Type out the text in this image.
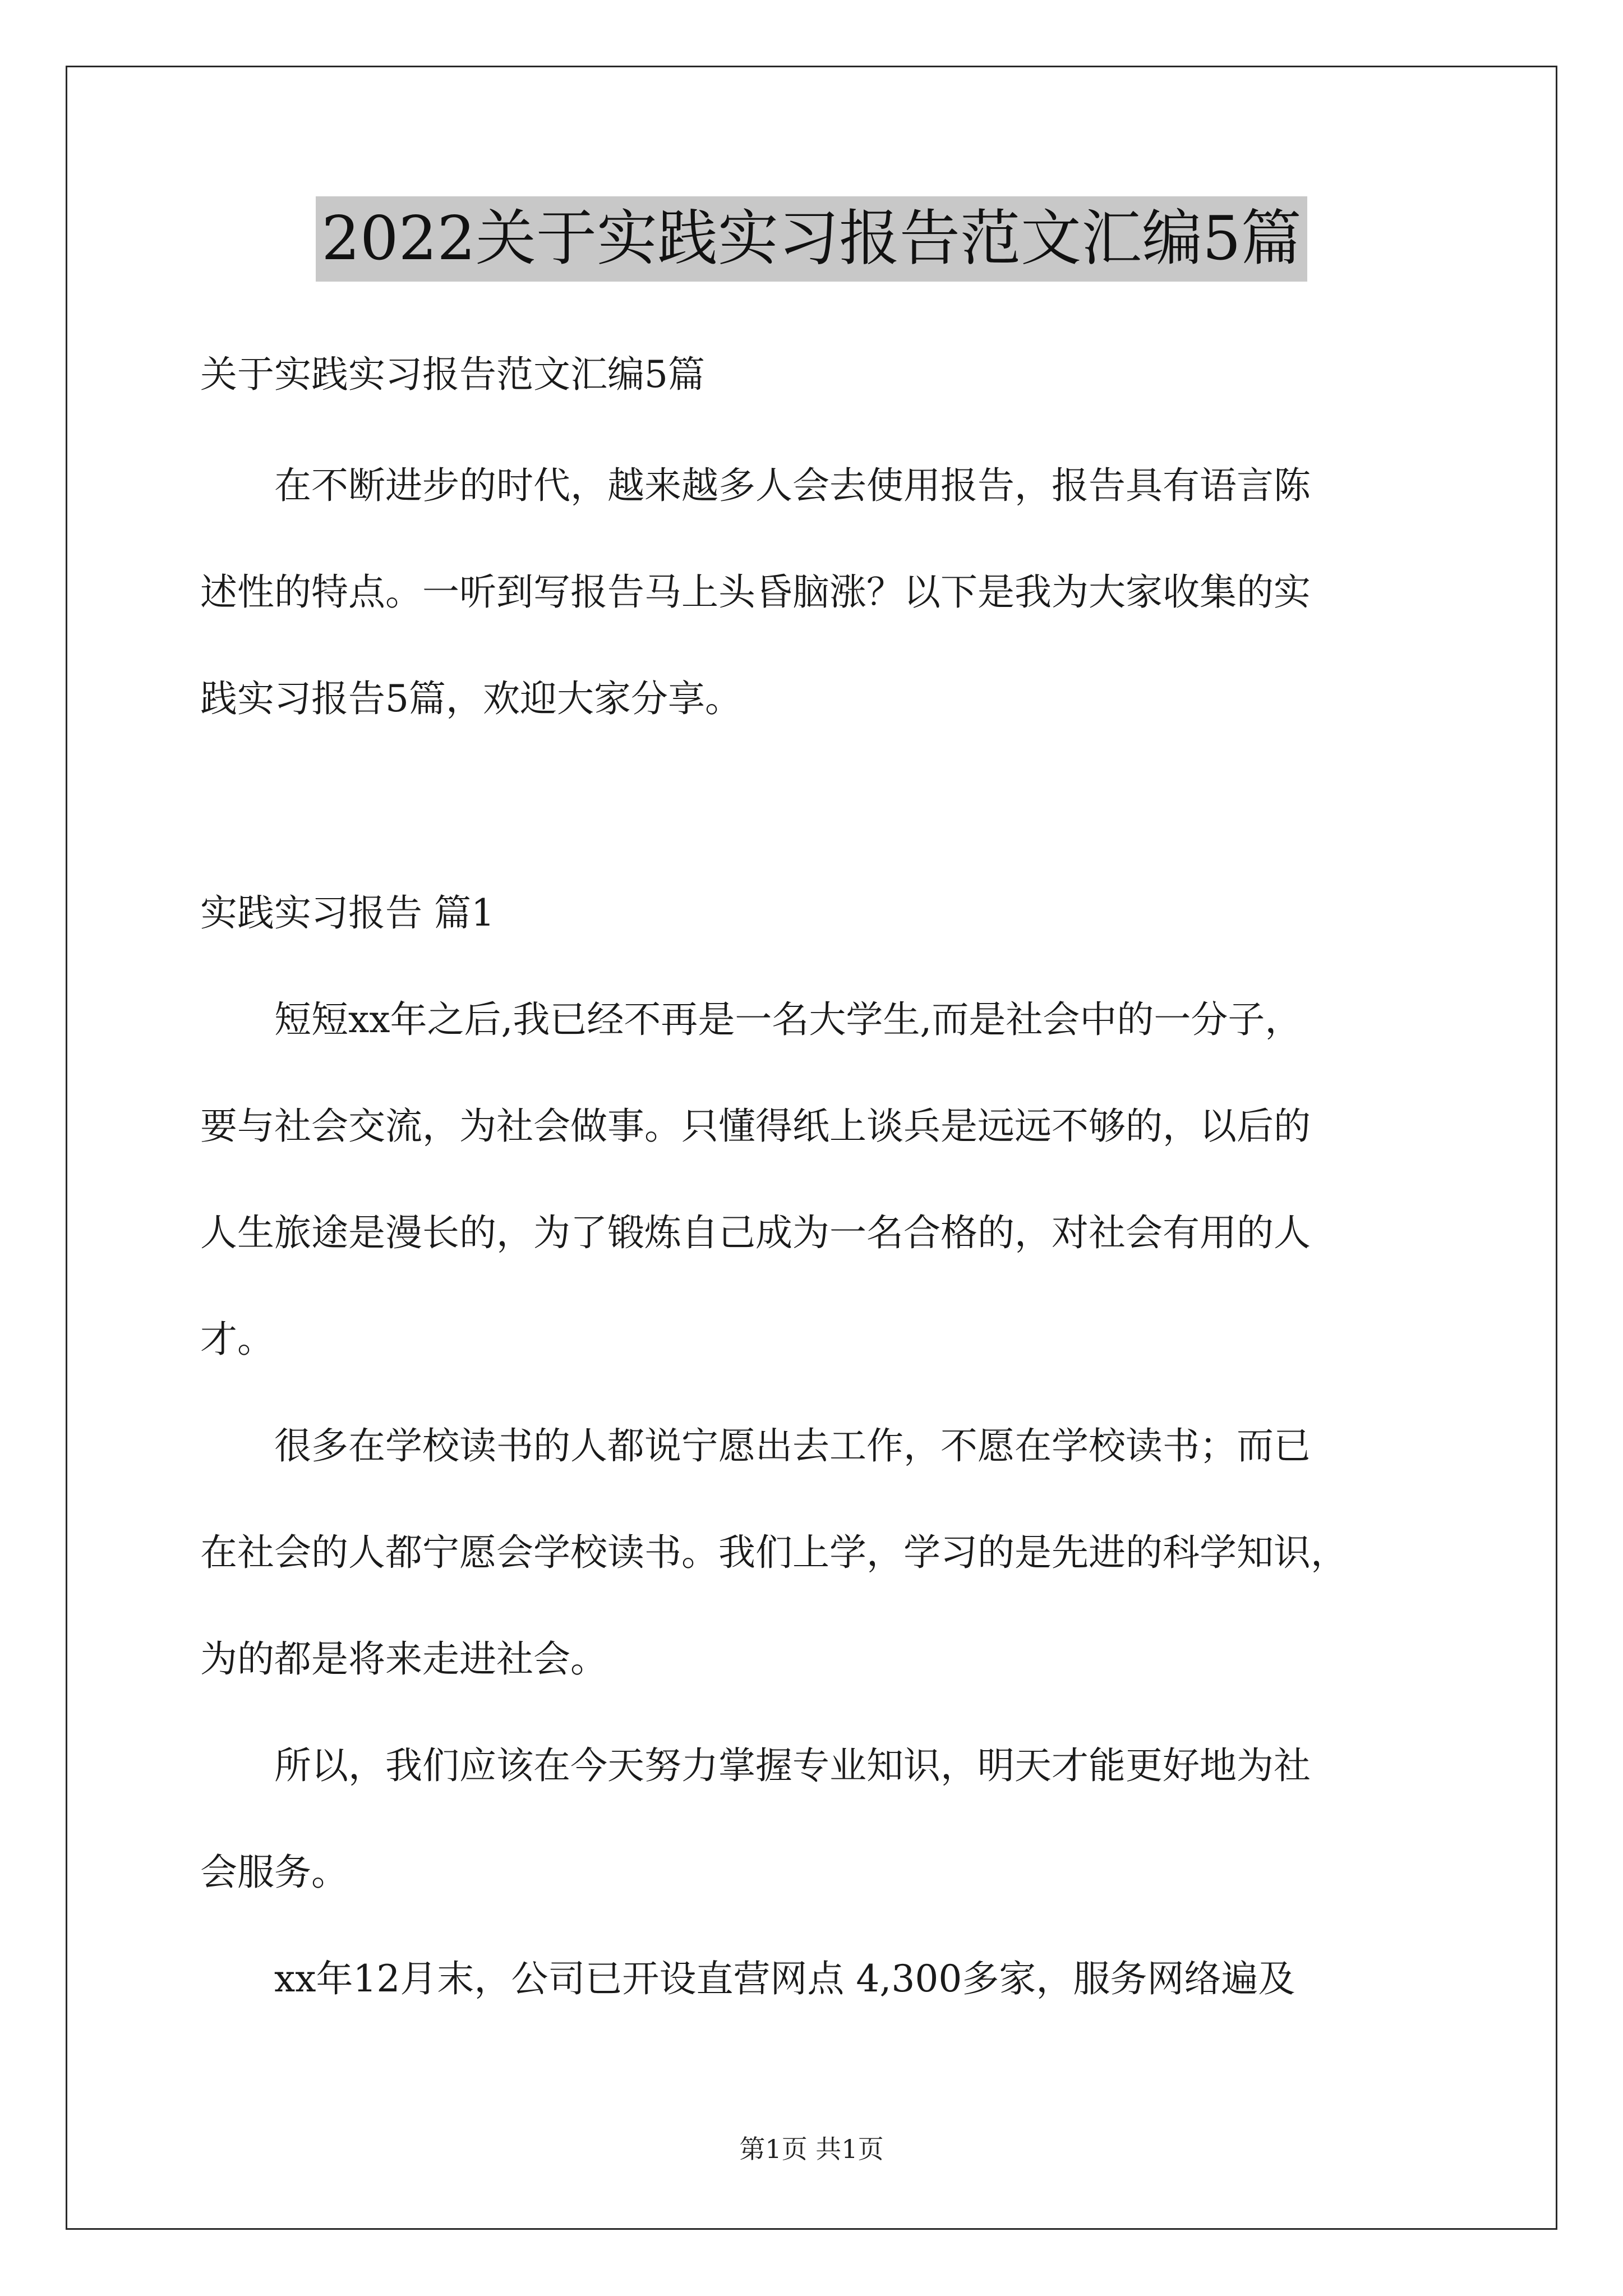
2022关于实践实习报告范文汇编5篇
关于实践实习报告范文汇编5篇
　　在不断进步的时代，越来越多人会去使用报告，报告具有语言陈
述性的特点。一听到写报告马上头昏脑涨？以下是我为大家收集的实
践实习报告5篇，欢迎大家分享。
实践实习报告 篇1
　　短短xx年之后,我已经不再是一名大学生,而是社会中的一分子，
要与社会交流，为社会做事。只懂得纸上谈兵是远远不够的，以后的
人生旅途是漫长的，为了锻炼自己成为一名合格的，对社会有用的人
才。
　　很多在学校读书的人都说宁愿出去工作，不愿在学校读书；而已
在社会的人都宁愿会学校读书。我们上学，学习的是先进的科学知识，
为的都是将来走进社会。
　　所以，我们应该在今天努力掌握专业知识，明天才能更好地为社
会服务。
　　xx年12月末，公司已开设直营网点 4,300多家，服务网络遍及
第1页 共1页
